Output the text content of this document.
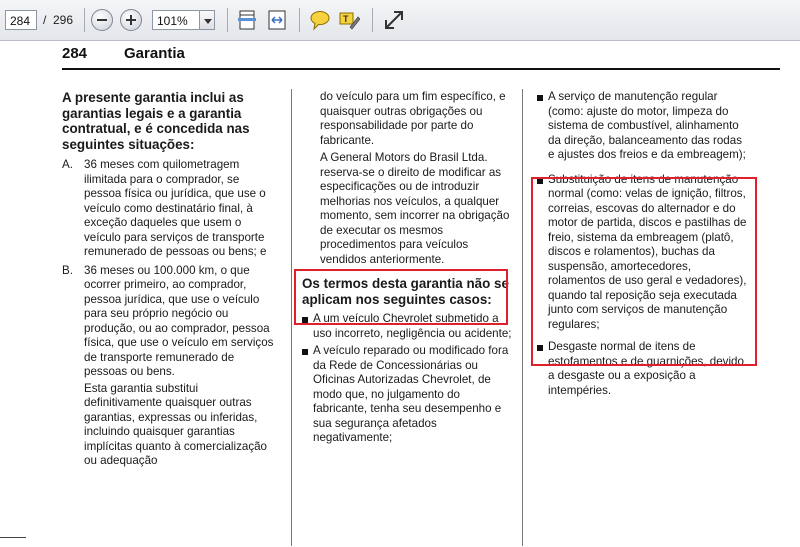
284	/ 296	101%	T
284 Garantia

A presente garantia inclui as garantias legais e a garantia contratual, e é concedida nas seguintes situações:

A. 36 meses com quilometragem ilimitada para o comprador, se pessoa física ou jurídica, que use o veículo como destinatário final, à exceção daqueles que usem o veículo para serviços de transporte remunerado de pessoas ou bens; e
B. 36 meses ou 100.000 km, o que ocorrer primeiro, ao comprador, pessoa jurídica, que use o veículo para seu próprio negócio ou produção, ou ao comprador, pessoa física, que use o veículo em serviços de transporte remunerado de pessoas ou bens.

Esta garantia substitui definitivamente quaisquer outras garantias, expressas ou inferidas, incluindo quaisquer garantias implícitas quanto à comercialização ou adequação

do veículo para um fim específico, e quaisquer outras obrigações ou responsabilidade por parte do fabricante.

A General Motors do Brasil Ltda. reserva-se o direito de modificar as especificações ou de introduzir melhorias nos veículos, a qualquer momento, sem incorrer na obrigação de executar os mesmos procedimentos para veículos vendidos anteriormente.

Os termos desta garantia não se aplicam nos seguintes casos:

A um veículo Chevrolet submetido a uso incorreto, negligência ou acidente;
A veículo reparado ou modificado fora da Rede de Concessionárias ou Oficinas Autorizadas Chevrolet, de modo que, no julgamento do fabricante, tenha seu desempenho e sua segurança afetados negativamente;
A serviço de manutenção regular (como: ajuste do motor, limpeza do sistema de combustível, alinhamento da direção, balanceamento das rodas e ajustes dos freios e da embreagem);
Substituição de itens de manutenção normal (como: velas de ignição, filtros, correias, escovas do alternador e do motor de partida, discos e pastilhas de freio, sistema da embreagem (platô, discos e rolamentos), buchas da suspensão, amortecedores, rolamentos de uso geral e vedadores), quando tal reposição seja executada junto com serviços de manutenção regulares;
Desgaste normal de itens de estofamentos e de guarnições, devido a desgaste ou a exposição a intempéries.
